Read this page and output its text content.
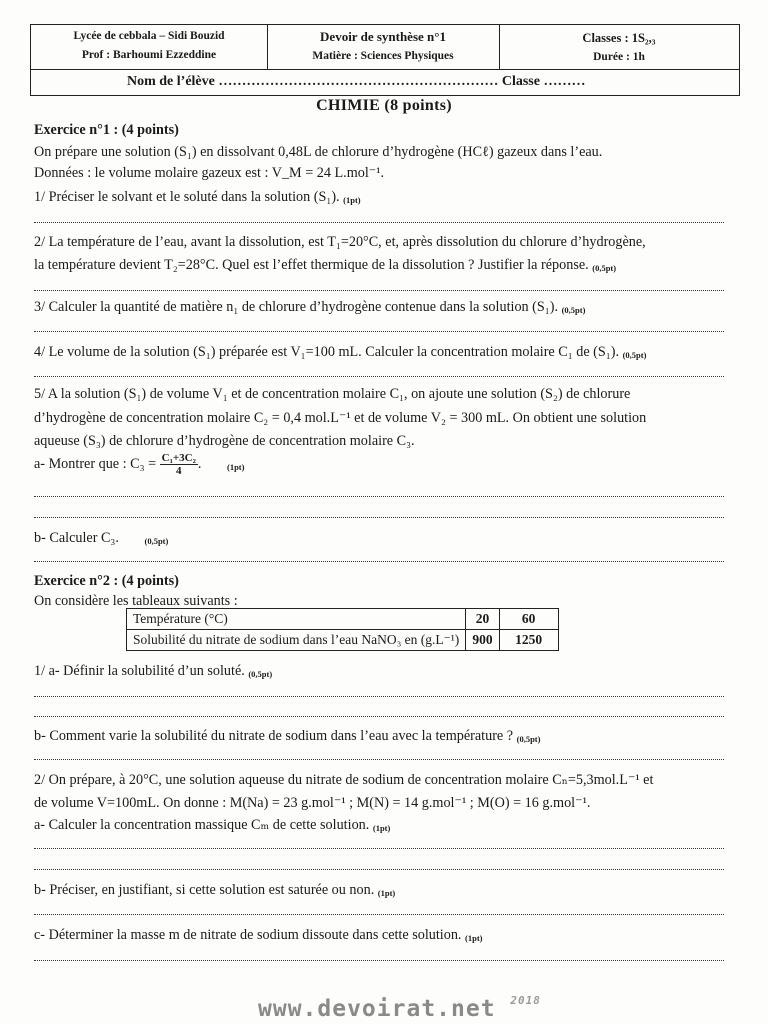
Lycée de cebbala – Sidi Bouzid
Prof : Barhoumi Ezzeddine
Devoir de synthèse n°1
Matière : Sciences Physiques
Classes : 1S₂,₃
Durée : 1h
Nom de l’élève …………………………………………………… Classe ………
CHIMIE (8 points)
Exercice n°1 : (4 points)
On prépare une solution (S₁) en dissolvant 0,48L de chlorure d’hydrogène (HCℓ) gazeux dans l’eau.
Données : le volume molaire gazeux est : V_M = 24 L.mol⁻¹.
1/ Préciser le solvant et le soluté dans la solution (S₁). (1pt)
2/ La température de l’eau, avant la dissolution, est T₁=20°C, et, après dissolution du chlorure d’hydrogène,
la température devient T₂=28°C. Quel est l’effet thermique de la dissolution ? Justifier la réponse. (0,5pt)
3/ Calculer la quantité de matière n₁ de chlorure d’hydrogène contenue dans la solution (S₁). (0,5pt)
4/ Le volume de la solution (S₁) préparée est V₁=100 mL. Calculer la concentration molaire C₁ de (S₁). (0,5pt)
5/ A la solution (S₁) de volume V₁ et de concentration molaire C₁, on ajoute une solution (S₂) de chlorure
d’hydrogène de concentration molaire C₂ = 0,4 mol.L⁻¹ et de volume V₂ = 300 mL. On obtient une solution
aqueuse (S₃) de chlorure d’hydrogène de concentration molaire C₃.
a- Montrer que : $C_3 = \frac{\text{C₁+3C₂}}{4}$ .	(1pt)
b- Calculer C₃.	(0,5pt)
Exercice n°2 : (4 points)
On considère les tableaux suivants :
Température (°C)	20	60
Solubilité du nitrate de sodium dans l’eau NaNO₃ en (g.L⁻¹)	900	1250
1/ a- Définir la solubilité d’un soluté. (0,5pt)
b- Comment varie la solubilité du nitrate de sodium dans l’eau avec la température ? (0,5pt)
2/ On prépare, à 20°C, une solution aqueuse du nitrate de sodium de concentration molaire Cₙ=5,3mol.L⁻¹ et
de volume V=100mL. On donne : M(Na) = 23 g.mol⁻¹ ; M(N) = 14 g.mol⁻¹ ; M(O) = 16 g.mol⁻¹.
a- Calculer la concentration massique Cₘ de cette solution. (1pt)
b- Préciser, en justifiant, si cette solution est saturée ou non. (1pt)
c- Déterminer la masse m de nitrate de sodium dissoute dans cette solution. (1pt)
www.devoirat.net $^{2018}$
